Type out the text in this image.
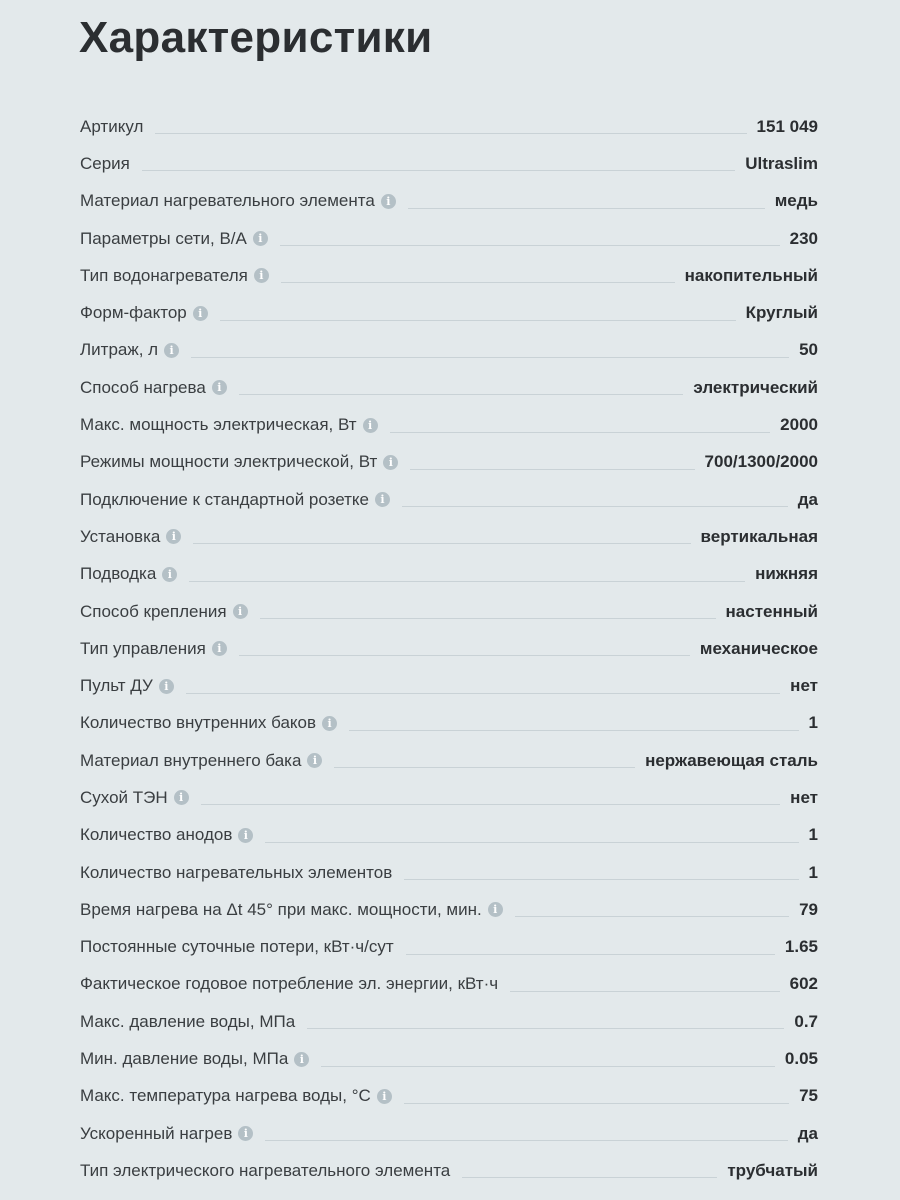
Характеристики
Артикул	151 049
Серия	Ultraslim
Материал нагревательного элемента	i	медь
Параметры сети, В/А	i	230
Тип водонагревателя	i	накопительный
Форм-фактор	i	Круглый
Литраж, л	i	50
Способ нагрева	i	электрический
Макс. мощность электрическая, Вт	i	2000
Режимы мощности электрической, Вт	i	700/1300/2000
Подключение к стандартной розетке	i	да
Установка	i	вертикальная
Подводка	i	нижняя
Способ крепления	i	настенный
Тип управления	i	механическое
Пульт ДУ	i	нет
Количество внутренних баков	i	1
Материал внутреннего бака	i	нержавеющая сталь
Сухой ТЭН	i	нет
Количество анодов	i	1
Количество нагревательных элементов	1
Время нагрева на Δt 45° при макс. мощности, мин.	i	79
Постоянные суточные потери, кВт·ч/сут	1.65
Фактическое годовое потребление эл. энергии, кВт·ч	602
Макс. давление воды, МПа	0.7
Мин. давление воды, МПа	i	0.05
Макс. температура нагрева воды, °С	i	75
Ускоренный нагрев	i	да
Тип электрического нагревательного элемента	трубчатый
